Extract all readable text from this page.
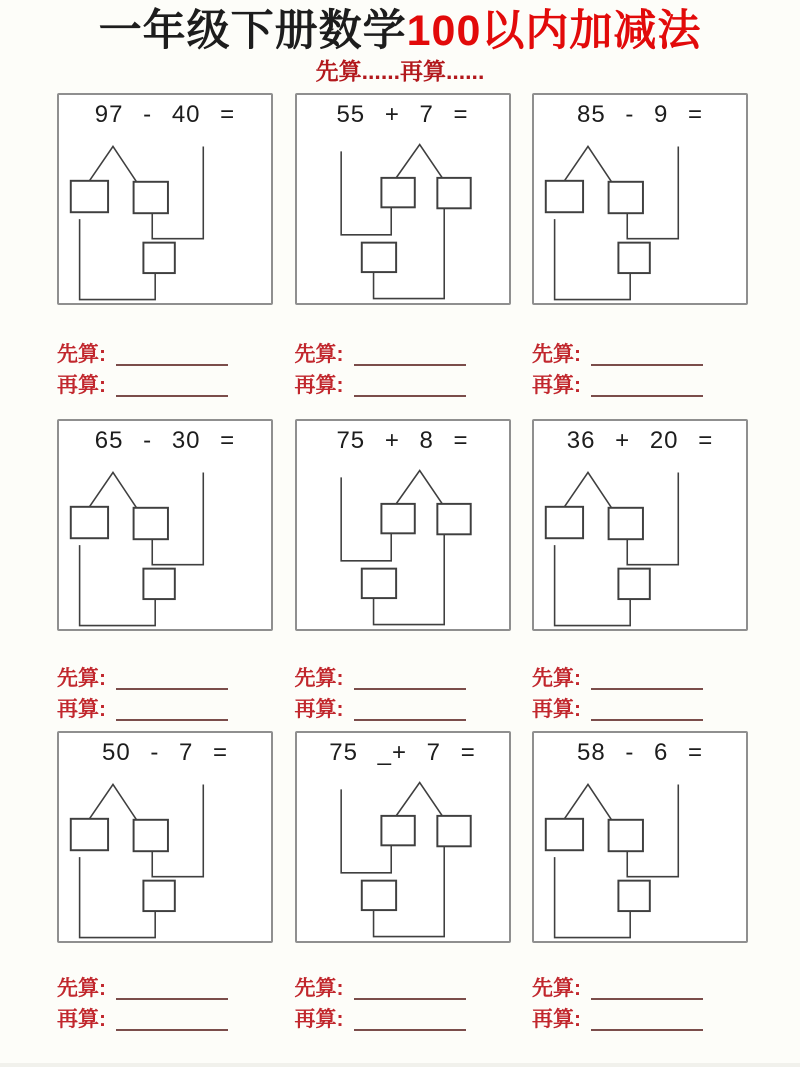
一年级下册数学100以内加减法
先算......再算......
97 - 40 =	55 + 7 =	85 - 9 =
先算:
再算:
先算:
再算:
先算:
再算:
65 - 30 =	75 + 8 =	36 + 20 =
先算:
再算:
先算:
再算:
先算:
再算:
50 - 7 =	75 _+ 7 =	58 - 6 =
先算:
再算:
先算:
再算:
先算:
再算:
